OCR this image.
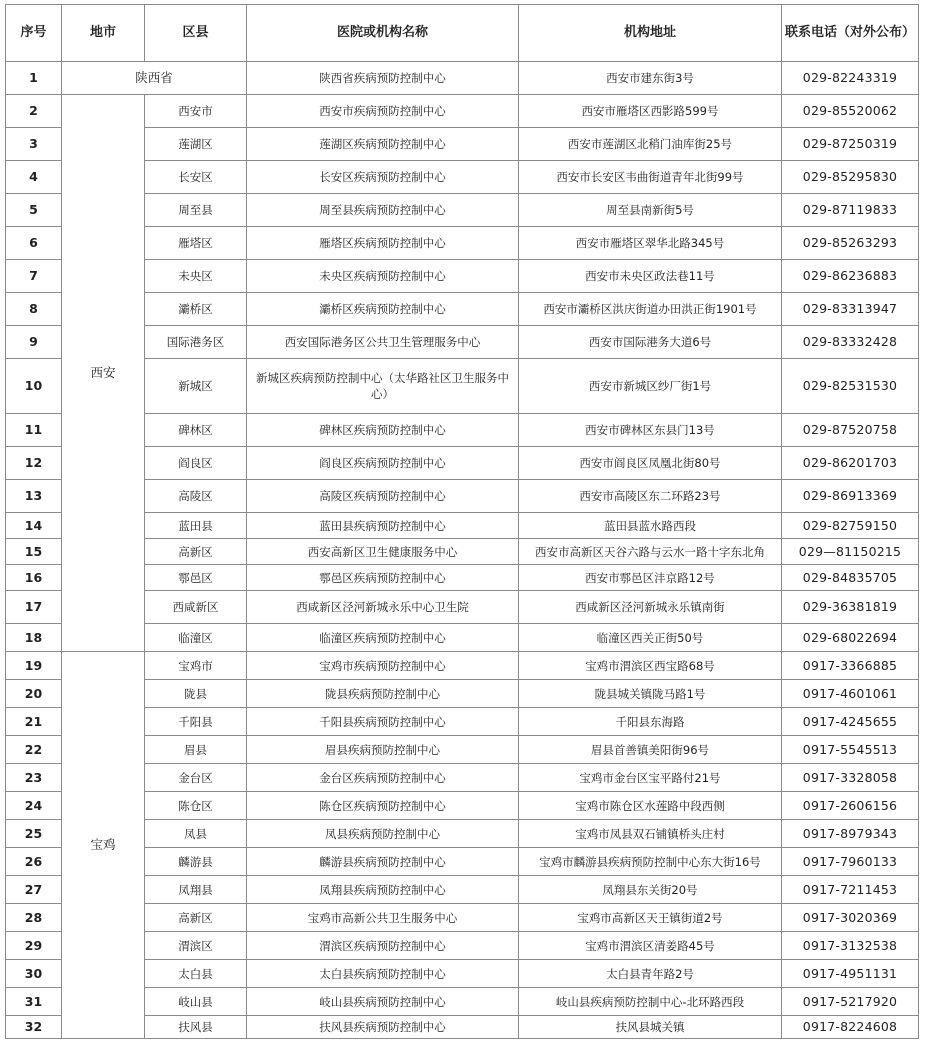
序号	地市	区县	医院或机构名称	机构地址	联系电话（对外公布）
1	陕西省		陕西省疾病预防控制中心	西安市建东街3号	029-82243319
2	西安	西安市	西安市疾病预防控制中心	西安市雁塔区西影路599号	029-85520062
3		莲湖区	莲湖区疾病预防控制中心	西安市莲湖区北稍门油库街25号	029-87250319
4		长安区	长安区疾病预防控制中心	西安市长安区韦曲街道青年北街99号	029-85295830
5		周至县	周至县疾病预防控制中心	周至县南新街5号	029-87119833
6		雁塔区	雁塔区疾病预防控制中心	西安市雁塔区翠华北路345号	029-85263293
7		未央区	未央区疾病预防控制中心	西安市未央区政法巷11号	029-86236883
8		灞桥区	灞桥区疾病预防控制中心	西安市灞桥区洪庆街道办田洪正街1901号	029-83313947
9		国际港务区	西安国际港务区公共卫生管理服务中心	西安市国际港务大道6号	029-83332428
10		新城区	新城区疾病预防控制中心（太华路社区卫生服务中心）	西安市新城区纱厂街1号	029-82531530
11		碑林区	碑林区疾病预防控制中心	西安市碑林区东县门13号	029-87520758
12		阎良区	阎良区疾病预防控制中心	西安市阎良区凤凰北街80号	029-86201703
13		高陵区	高陵区疾病预防控制中心	西安市高陵区东二环路23号	029-86913369
14		蓝田县	蓝田县疾病预防控制中心	蓝田县蓝水路西段	029-82759150
15		高新区	西安高新区卫生健康服务中心	西安市高新区天谷六路与云水一路十字东北角	029—81150215
16		鄠邑区	鄠邑区疾病预防控制中心	西安市鄠邑区沣京路12号	029-84835705
17		西咸新区	西咸新区泾河新城永乐中心卫生院	西咸新区泾河新城永乐镇南街	029-36381819
18		临潼区	临潼区疾病预防控制中心	临潼区西关正街50号	029-68022694
19	宝鸡	宝鸡市	宝鸡市疾病预防控制中心	宝鸡市渭滨区西宝路68号	0917-3366885
20		陇县	陇县疾病预防控制中心	陇县城关镇陇马路1号	0917-4601061
21		千阳县	千阳县疾病预防控制中心	千阳县东海路	0917-4245655
22		眉县	眉县疾病预防控制中心	眉县首善镇美阳街96号	0917-5545513
23		金台区	金台区疾病预防控制中心	宝鸡市金台区宝平路付21号	0917-3328058
24		陈仓区	陈仓区疾病预防控制中心	宝鸡市陈仓区水莲路中段西侧	0917-2606156
25		凤县	凤县疾病预防控制中心	宝鸡市凤县双石铺镇桥头庄村	0917-8979343
26		麟游县	麟游县疾病预防控制中心	宝鸡市麟游县疾病预防控制中心东大街16号	0917-7960133
27		凤翔县	凤翔县疾病预防控制中心	凤翔县东关街20号	0917-7211453
28		高新区	宝鸡市高新公共卫生服务中心	宝鸡市高新区天王镇街道2号	0917-3020369
29		渭滨区	渭滨区疾病预防控制中心	宝鸡市渭滨区清姜路45号	0917-3132538
30		太白县	太白县疾病预防控制中心	太白县青年路2号	0917-4951131
31		岐山县	岐山县疾病预防控制中心	岐山县疾病预防控制中心-北环路西段	0917-5217920
32		扶风县	扶风县疾病预防控制中心	扶风县城关镇	0917-8224608
